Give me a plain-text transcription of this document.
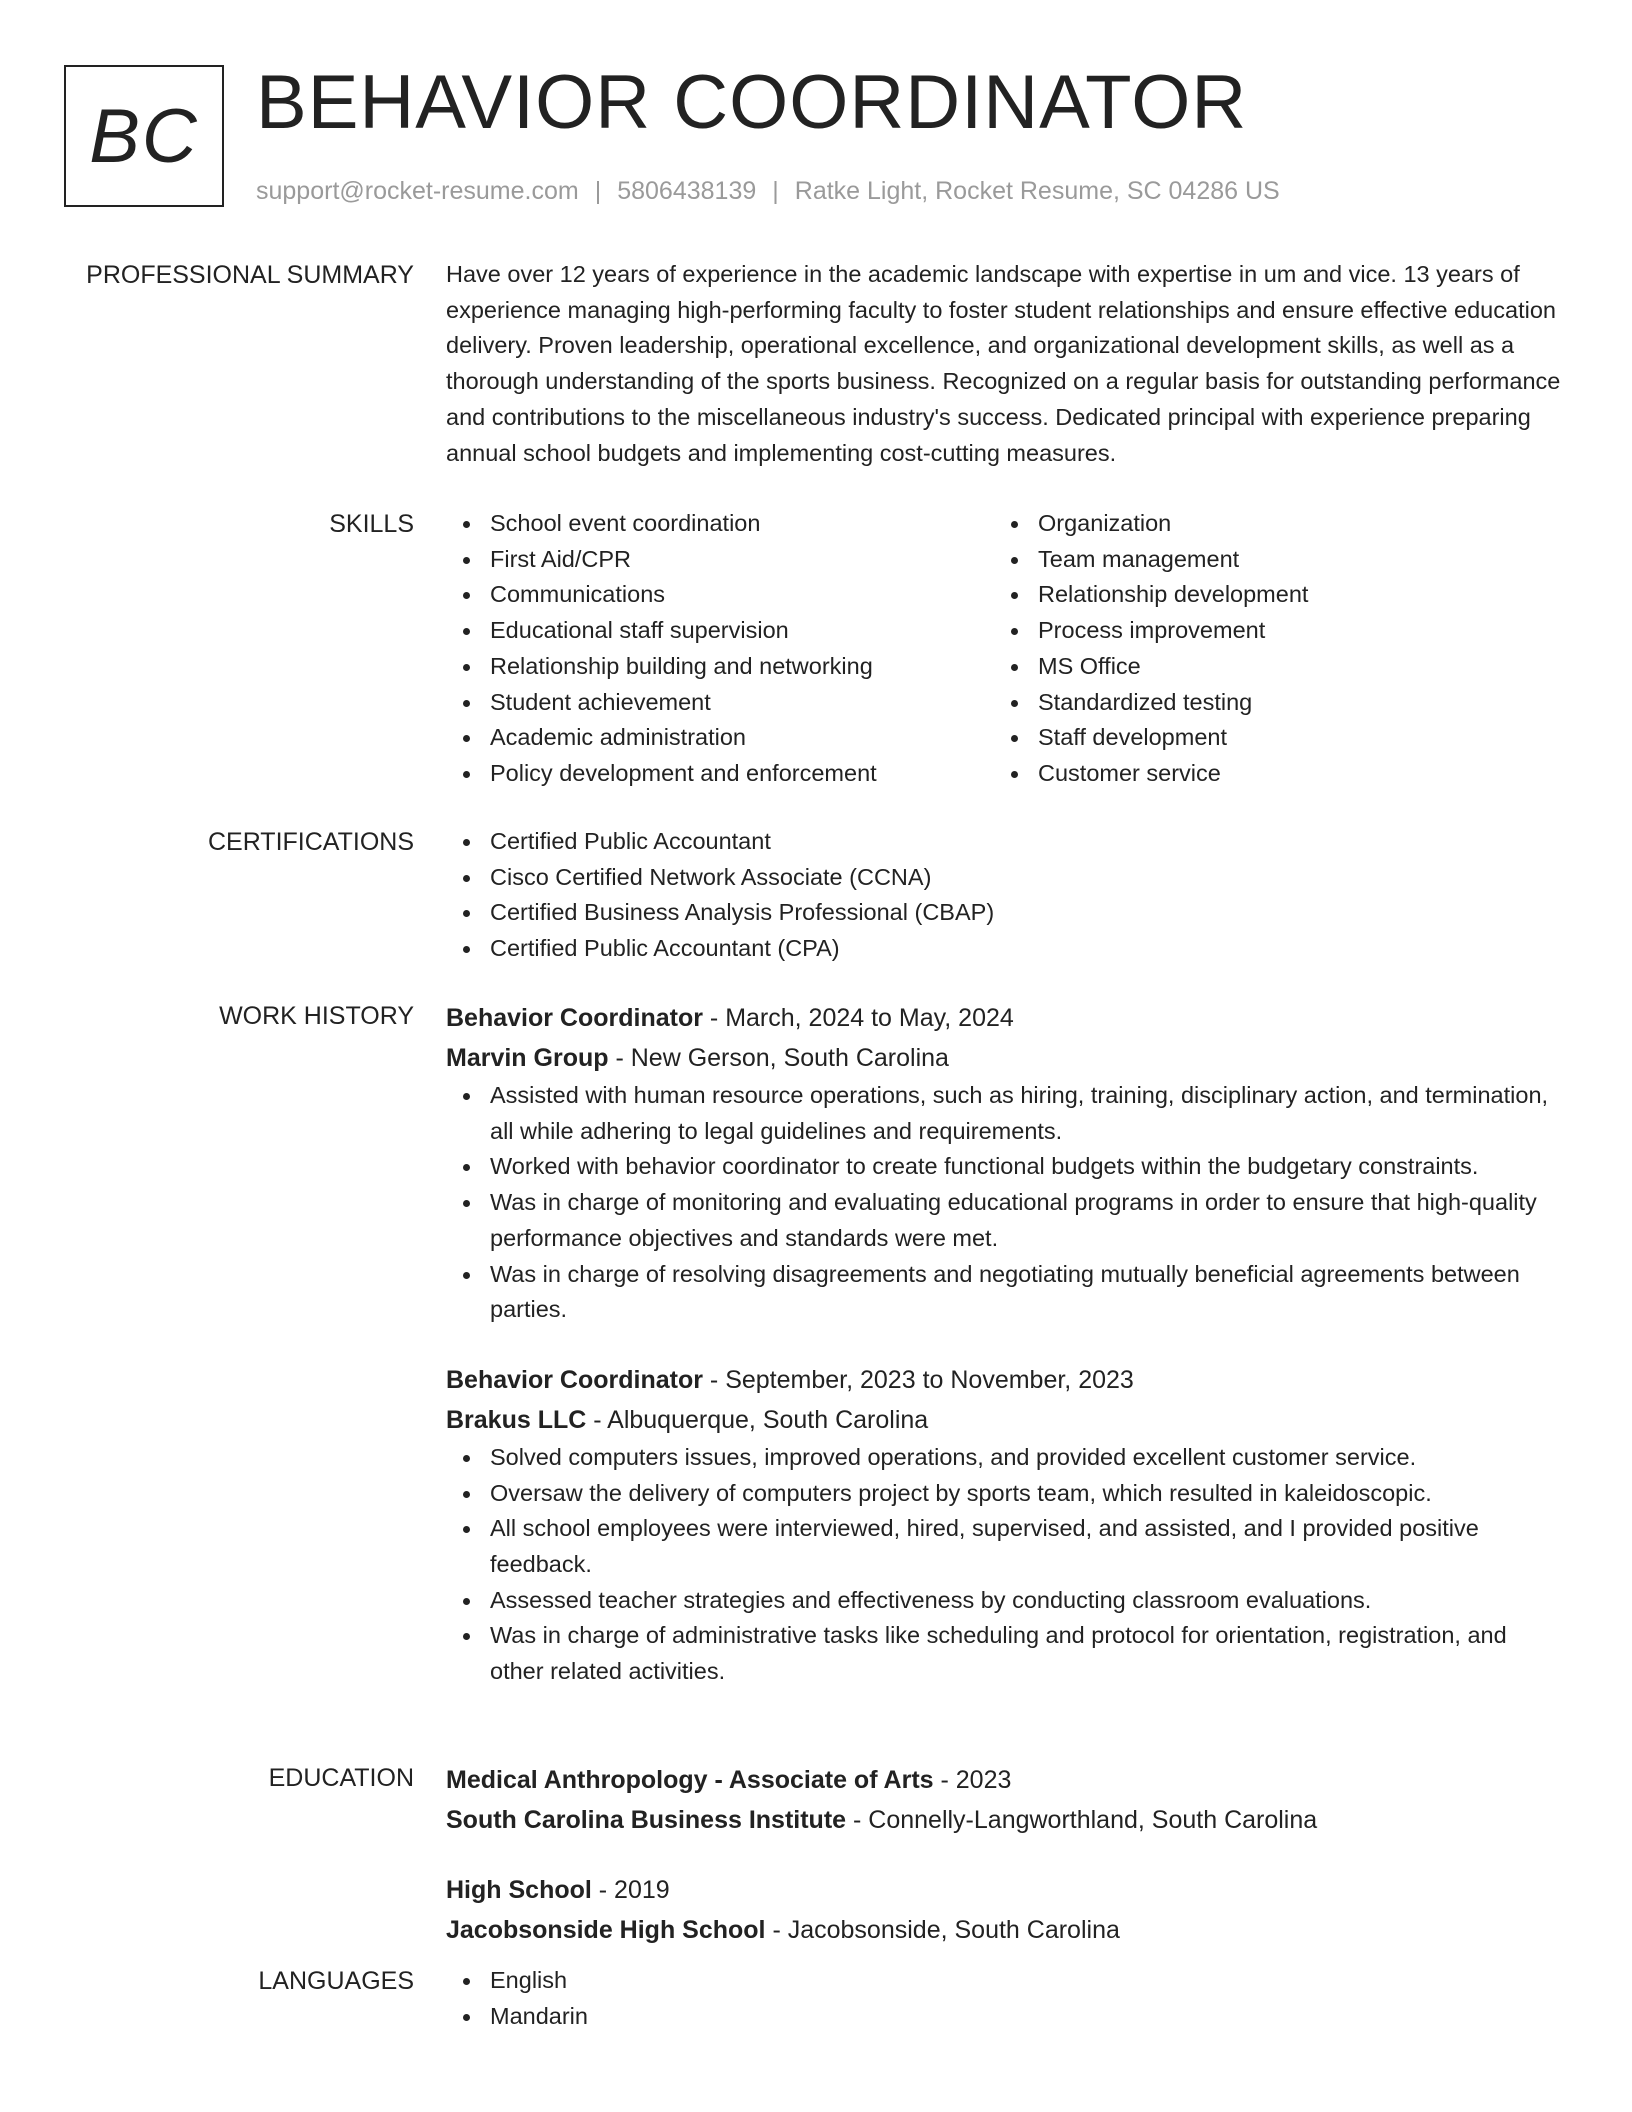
BC BEHAVIOR COORDINATOR
support@rocket-resume.com | 5806438139 | Ratke Light, Rocket Resume, SC 04286 US
PROFESSIONAL SUMMARY Have over 12 years of experience in the academic landscape with expertise in um and vice. 13 years of experience managing high-performing faculty to foster student relationships and ensure effective education delivery. Proven leadership, operational excellence, and organizational development skills, as well as a thorough understanding of the sports business. Recognized on a regular basis for outstanding performance and contributions to the miscellaneous industry's success. Dedicated principal with experience preparing annual school budgets and implementing cost-cutting measures.

SKILLS	School event coordination
First Aid/CPR
Communications
Educational staff supervision
Relationship building and networking
Student achievement
Academic administration
Policy development and enforcement
Organization
Team management
Relationship development
Process improvement
MS Office
Standardized testing
Staff development
Customer service
CERTIFICATIONS	Certified Public Accountant
Cisco Certified Network Associate (CCNA)
Certified Business Analysis Professional (CBAP)
Certified Public Accountant (CPA)
WORK HISTORY Behavior Coordinator - March, 2024 to May, 2024
Marvin Group - New Gerson, South Carolina
Assisted with human resource operations, such as hiring, training, disciplinary action, and termination, all while adhering to legal guidelines and requirements.
Worked with behavior coordinator to create functional budgets within the budgetary constraints.
Was in charge of monitoring and evaluating educational programs in order to ensure that high-quality performance objectives and standards were met.
Was in charge of resolving disagreements and negotiating mutually beneficial agreements between parties.
Behavior Coordinator - September, 2023 to November, 2023
Brakus LLC - Albuquerque, South Carolina
Solved computers issues, improved operations, and provided excellent customer service.
Oversaw the delivery of computers project by sports team, which resulted in kaleidoscopic.
All school employees were interviewed, hired, supervised, and assisted, and I provided positive feedback.
Assessed teacher strategies and effectiveness by conducting classroom evaluations.
Was in charge of administrative tasks like scheduling and protocol for orientation, registration, and other related activities.
EDUCATION Medical Anthropology - Associate of Arts - 2023
South Carolina Business Institute - Connelly-Langworthland, South Carolina
High School - 2019
Jacobsonside High School - Jacobsonside, South Carolina
LANGUAGES	English
Mandarin
